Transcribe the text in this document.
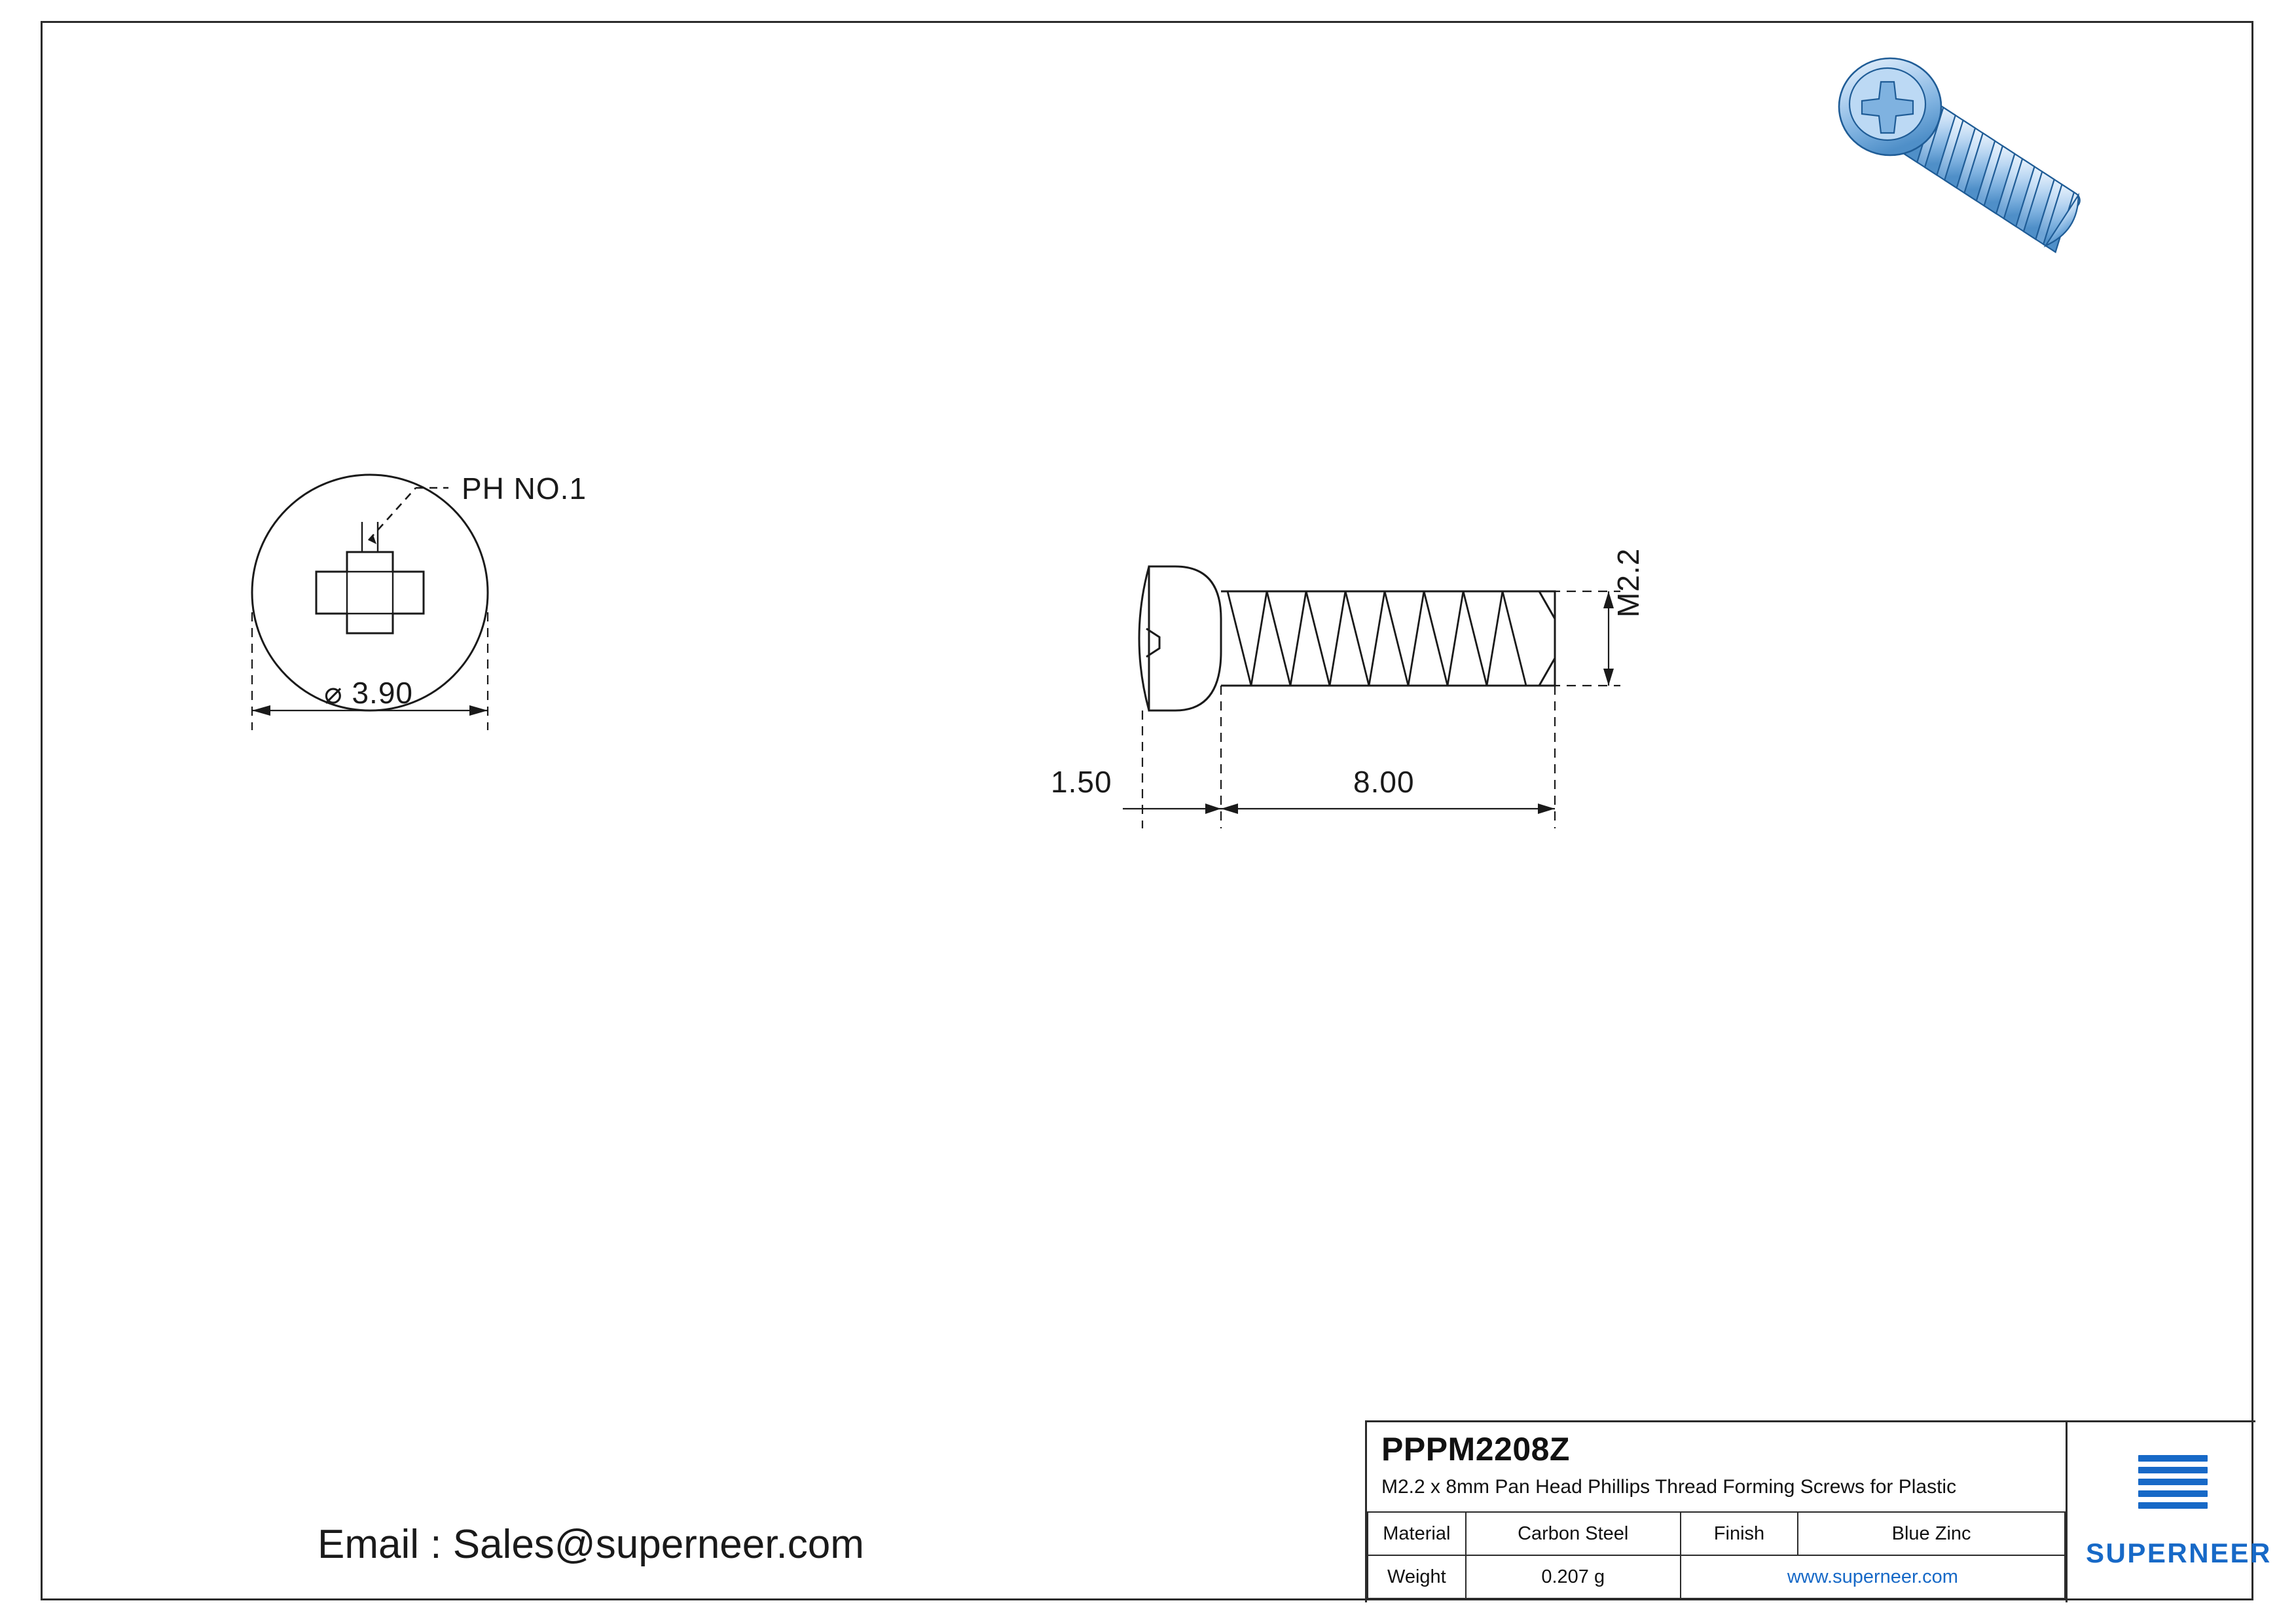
PH NO.1
⌀ 3.90
1.50	8.00
M2.2
Email : Sales@superneer.com
PPPM2208Z
M2.2 x 8mm Pan Head Phillips Thread Forming Screws for Plastic
Material	Carbon Steel	Finish	Blue Zinc
Weight	0.207 g	www.superneer.com	
SUPERNEER
